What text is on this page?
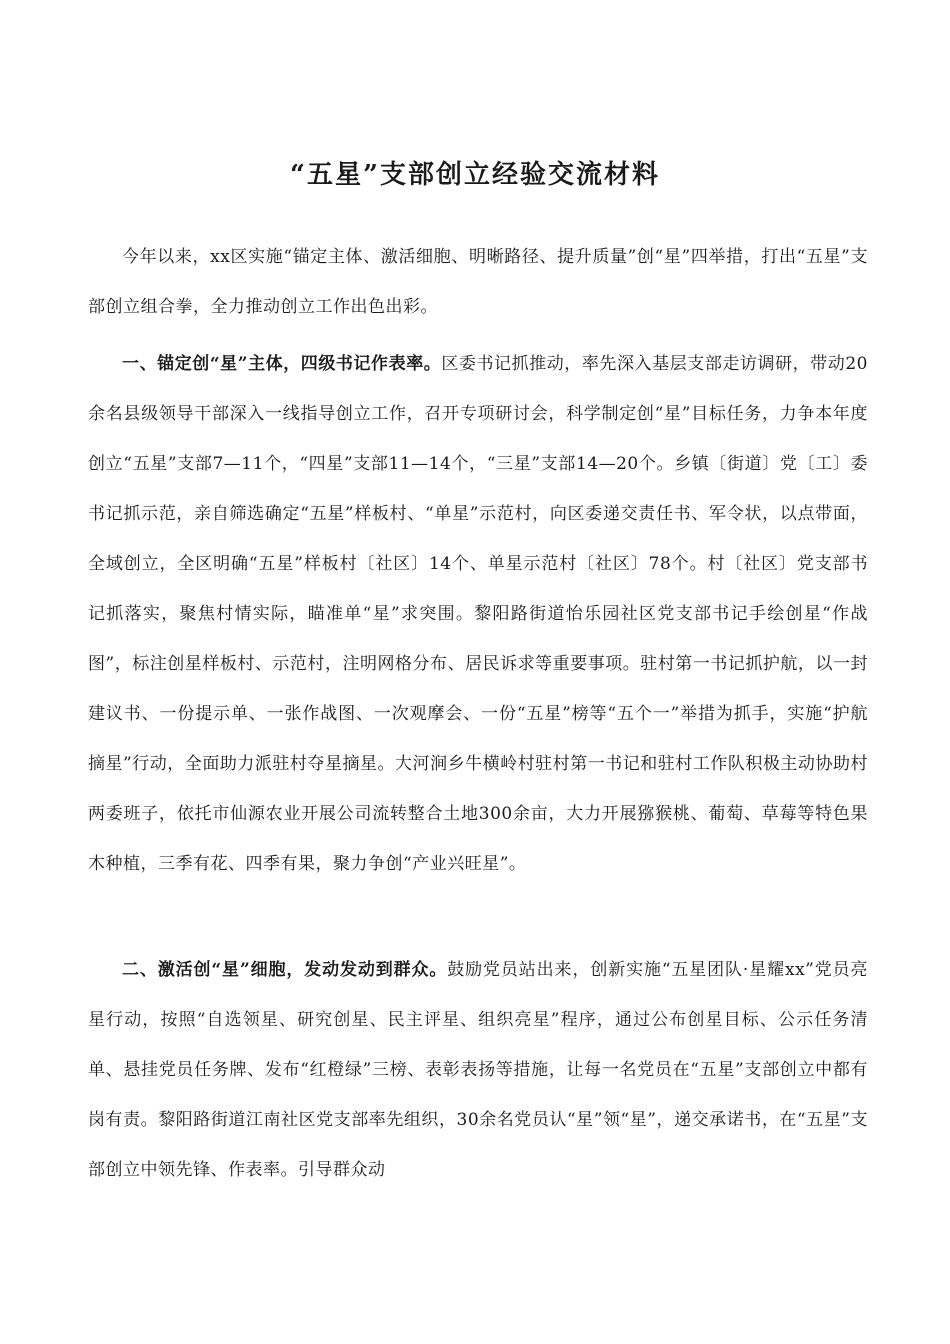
“五星”支部创立经验交流材料

今年以来，xx区实施“锚定主体、激活细胞、明晰路径、提升质量”创“星”四举措，打出“五星”支部创立组合拳，全力推动创立工作出色出彩。

一、锚定创“星”主体，四级书记作表率。区委书记抓推动，率先深入基层支部走访调研，带动20余名县级领导干部深入一线指导创立工作，召开专项研讨会，科学制定创“星”目标任务，力争本年度创立“五星”支部7—11个，“四星”支部11—14个，“三星”支部14—20个。乡镇〔街道〕党〔工〕委书记抓示范，亲自筛选确定“五星”样板村、“单星”示范村，向区委递交责任书、军令状，以点带面，全域创立，全区明确“五星”样板村〔社区〕14个、单星示范村〔社区〕78个。村〔社区〕党支部书记抓落实，聚焦村情实际，瞄准单“星”求突围。黎阳路街道怡乐园社区党支部书记手绘创星“作战图”，标注创星样板村、示范村，注明网格分布、居民诉求等重要事项。驻村第一书记抓护航，以一封建议书、一份提示单、一张作战图、一次观摩会、一份“五星”榜等“五个一”举措为抓手，实施“护航摘星”行动，全面助力派驻村夺星摘星。大河涧乡牛横岭村驻村第一书记和驻村工作队积极主动协助村两委班子，依托市仙源农业开展公司流转整合土地300余亩，大力开展猕猴桃、葡萄、草莓等特色果木种植，三季有花、四季有果，聚力争创“产业兴旺星”。

二、激活创“星”细胞，发动发动到群众。鼓励党员站出来，创新实施“五星团队·星耀xx”党员亮星行动，按照“自选领星、研究创星、民主评星、组织亮星”程序，通过公布创星目标、公示任务清单、悬挂党员任务牌、发布“红橙绿”三榜、表彰表扬等措施，让每一名党员在“五星”支部创立中都有岗有责。黎阳路街道江南社区党支部率先组织，30余名党员认“星”领“星”，递交承诺书，在“五星”支部创立中领先锋、作表率。引导群众动
